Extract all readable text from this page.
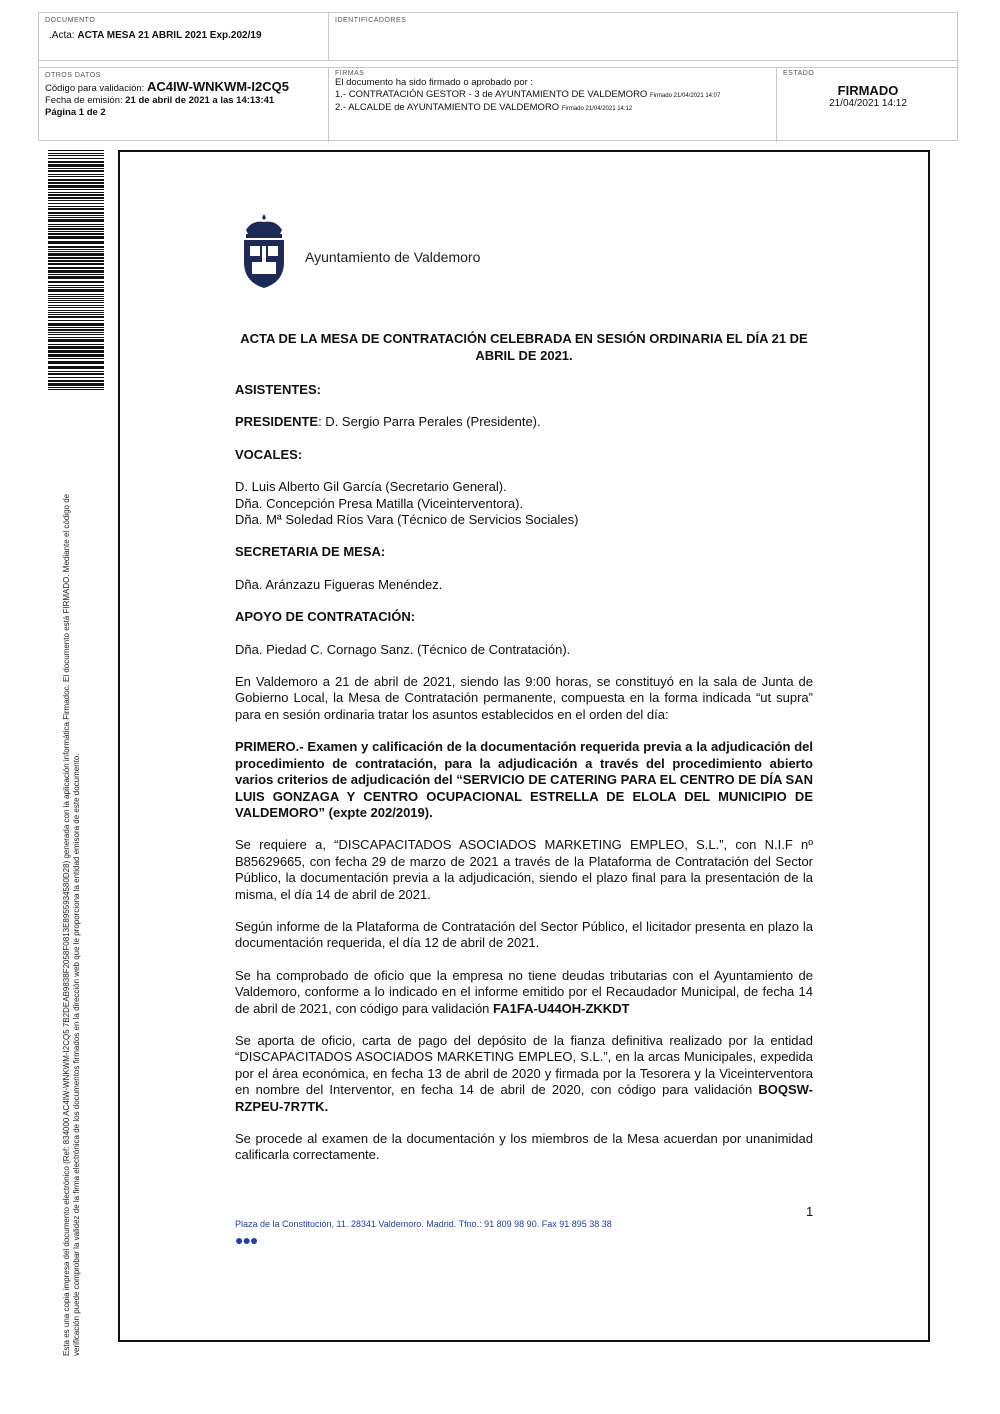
DOCUMENTO
.Acta: ACTA MESA 21 ABRIL 2021 Exp.202/19
IDENTIFICADORES
OTROS DATOS
Código para validación: AC4IW-WNKWM-I2CQ5
Fecha de emisión: 21 de abril de 2021 a las 14:13:41
Página 1 de 2
FIRMAS
El documento ha sido firmado o aprobado por :
1.- CONTRATACIÓN GESTOR - 3 de AYUNTAMIENTO DE VALDEMORO Firmado 21/04/2021 14:07
2.- ALCALDE de AYUNTAMIENTO DE VALDEMORO Firmado 21/04/2021 14:12
ESTADO
FIRMADO
21/04/2021 14:12
Esta es una copia impresa del documento electrónico (Ref: 834000 AC4IW-WNKWM-I2CQ5 7B2DEAB9838F2058F0813E8955934580D28) generada con la aplicación informática Firmadoc. El documento está FIRMADO. Mediante el código de verificación puede comprobar la validez de la firma electrónica de los documentos firmados en la dirección web que le proporciona la entidad emisora de este documento.
Ayuntamiento de Valdemoro

ACTA DE LA MESA DE CONTRATACIÓN CELEBRADA EN SESIÓN ORDINARIA EL DÍA 21 DE ABRIL DE 2021.

ASISTENTES:

PRESIDENTE: D. Sergio Parra Perales (Presidente).

VOCALES:

D. Luis Alberto Gil García (Secretario General).

Dña. Concepción Presa Matilla (Viceinterventora).

Dña. Mª Soledad Ríos Vara (Técnico de Servicios Sociales)

SECRETARIA DE MESA:

Dña. Aránzazu Figueras Menéndez.

APOYO DE CONTRATACIÓN:

Dña. Piedad C. Cornago Sanz. (Técnico de Contratación).

En Valdemoro a 21 de abril de 2021, siendo las 9:00 horas, se constituyó en la sala de Junta de Gobierno Local, la Mesa de Contratación permanente, compuesta en la forma indicada “ut supra” para en sesión ordinaria tratar los asuntos establecidos en el orden del día:

PRIMERO.- Examen y calificación de la documentación requerida previa a la adjudicación del procedimiento de contratación, para la adjudicación a través del procedimiento abierto varios criterios de adjudicación del “SERVICIO DE CATERING PARA EL CENTRO DE DÍA SAN LUIS GONZAGA Y CENTRO OCUPACIONAL ESTRELLA DE ELOLA DEL MUNICIPIO DE VALDEMORO” (expte 202/2019).

Se requiere a, “DISCAPACITADOS ASOCIADOS MARKETING EMPLEO, S.L.”, con N.I.F nº B85629665, con fecha 29 de marzo de 2021 a través de la Plataforma de Contratación del Sector Público, la documentación previa a la adjudicación, siendo el plazo final para la presentación de la misma, el día 14 de abril de 2021.

Según informe de la Plataforma de Contratación del Sector Público, el licitador presenta en plazo la documentación requerida, el día 12 de abril de 2021.

Se ha comprobado de oficio que la empresa no tiene deudas tributarias con el Ayuntamiento de Valdemoro, conforme a lo indicado en el informe emitido por el Recaudador Municipal, de fecha 14 de abril de 2021, con código para validación FA1FA-U44OH-ZKKDT

Se aporta de oficio, carta de pago del depósito de la fianza definitiva realizado por la entidad “DISCAPACITADOS ASOCIADOS MARKETING EMPLEO, S.L.”, en la arcas Municipales, expedida por el área económica, en fecha 13 de abril de 2020 y firmada por la Tesorera y la Viceinterventora en nombre del Interventor, en fecha 14 de abril de 2020, con código para validación BOQSW-RZPEU-7R7TK.

Se procede al examen de la documentación y los miembros de la Mesa acuerdan por unanimidad calificarla correctamente.

1
Plaza de la Constitución, 11. 28341 Valdemoro. Madrid. Tfno.: 91 809 98 90. Fax 91 895 38 38
●●●
